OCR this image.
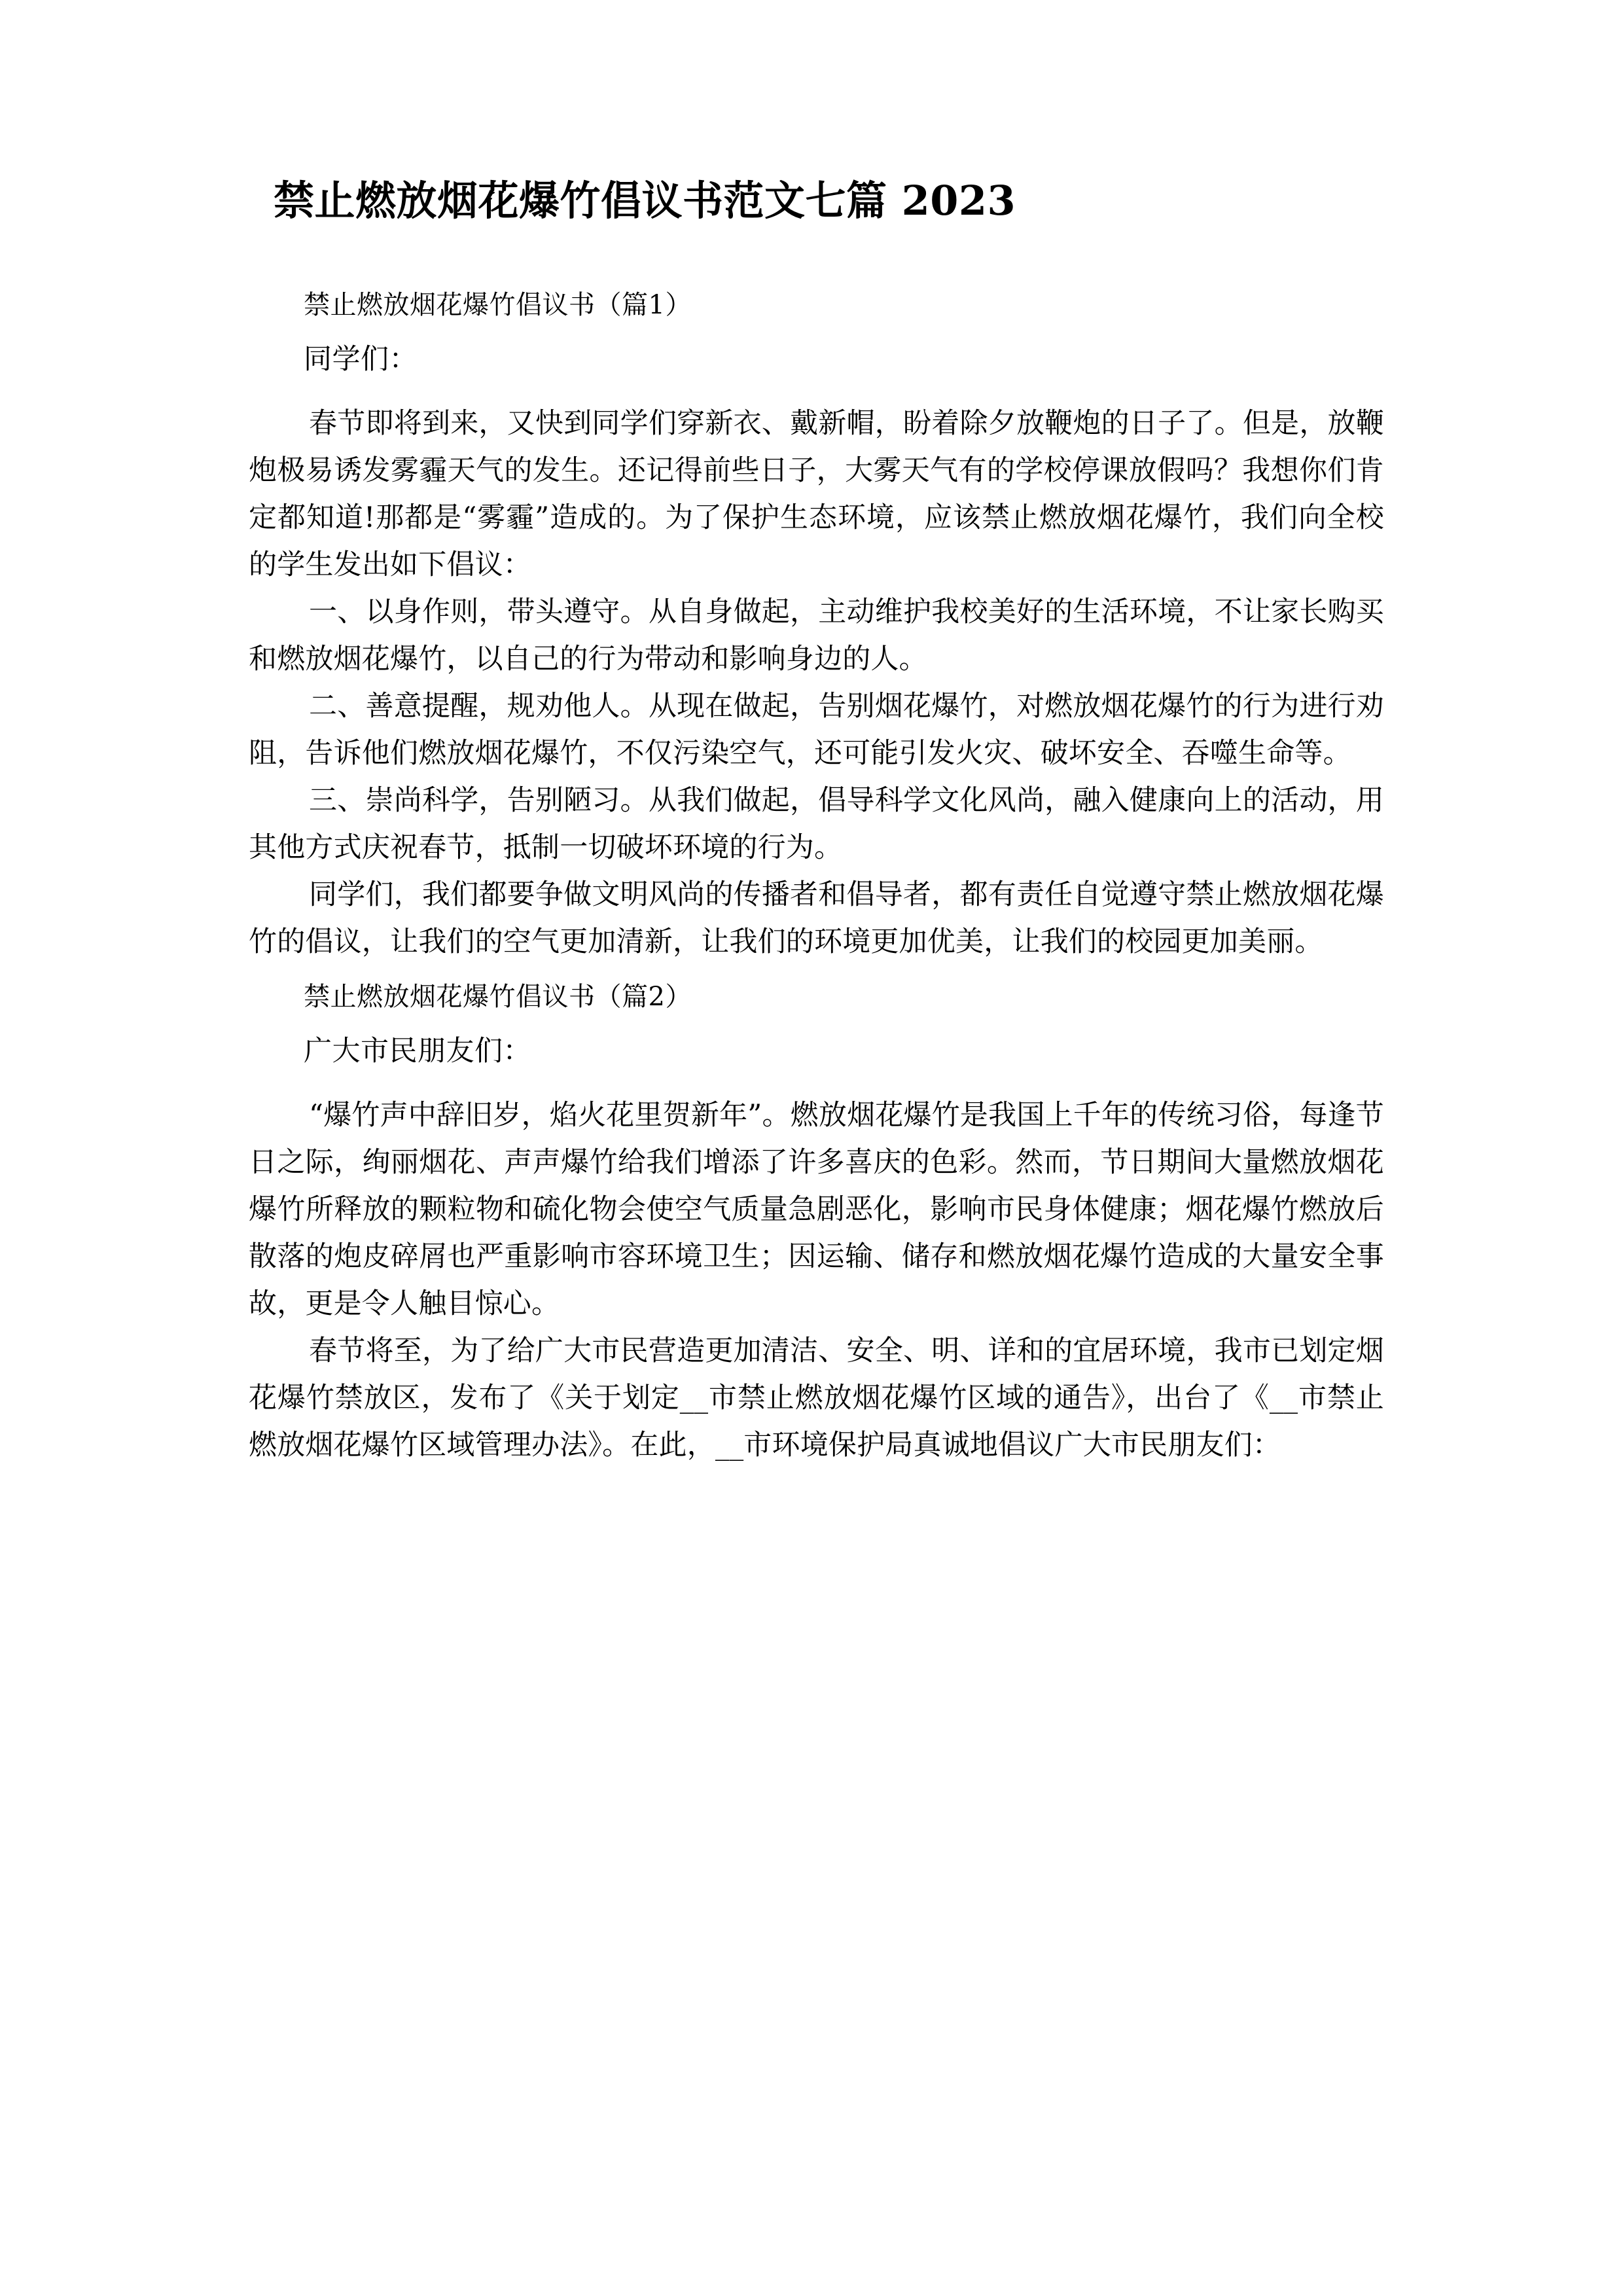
禁止燃放烟花爆竹倡议书范文七篇 2023
禁止燃放烟花爆竹倡议书（篇1）
同学们：

春节即将到来，又快到同学们穿新衣、戴新帽，盼着除夕放鞭炮的日子了。但是，放鞭炮极易诱发雾霾天气的发生。还记得前些日子，大雾天气有的学校停课放假吗？我想你们肯定都知道!那都是“雾霾”造成的。为了保护生态环境，应该禁止燃放烟花爆竹，我们向全校的学生发出如下倡议：

一、以身作则，带头遵守。从自身做起，主动维护我校美好的生活环境，不让家长购买和燃放烟花爆竹，以自己的行为带动和影响身边的人。

二、善意提醒，规劝他人。从现在做起，告别烟花爆竹，对燃放烟花爆竹的行为进行劝阻，告诉他们燃放烟花爆竹，不仅污染空气，还可能引发火灾、破坏安全、吞噬生命等。

三、崇尚科学，告别陋习。从我们做起，倡导科学文化风尚，融入健康向上的活动，用其他方式庆祝春节，抵制一切破坏环境的行为。

同学们，我们都要争做文明风尚的传播者和倡导者，都有责任自觉遵守禁止燃放烟花爆竹的倡议，让我们的空气更加清新，让我们的环境更加优美，让我们的校园更加美丽。

禁止燃放烟花爆竹倡议书（篇2）
广大市民朋友们：

“爆竹声中辞旧岁，焰火花里贺新年”。燃放烟花爆竹是我国上千年的传统习俗，每逢节日之际，绚丽烟花、声声爆竹给我们增添了许多喜庆的色彩。然而，节日期间大量燃放烟花爆竹所释放的颗粒物和硫化物会使空气质量急剧恶化，影响市民身体健康；烟花爆竹燃放后散落的炮皮碎屑也严重影响市容环境卫生；因运输、储存和燃放烟花爆竹造成的大量安全事故，更是令人触目惊心。

春节将至，为了给广大市民营造更加清洁、安全、明、详和的宜居环境，我市已划定烟花爆竹禁放区，发布了《关于划定__市禁止燃放烟花爆竹区域的通告》，出台了《__市禁止燃放烟花爆竹区域管理办法》。在此，__市环境保护局真诚地倡议广大市民朋友们：
